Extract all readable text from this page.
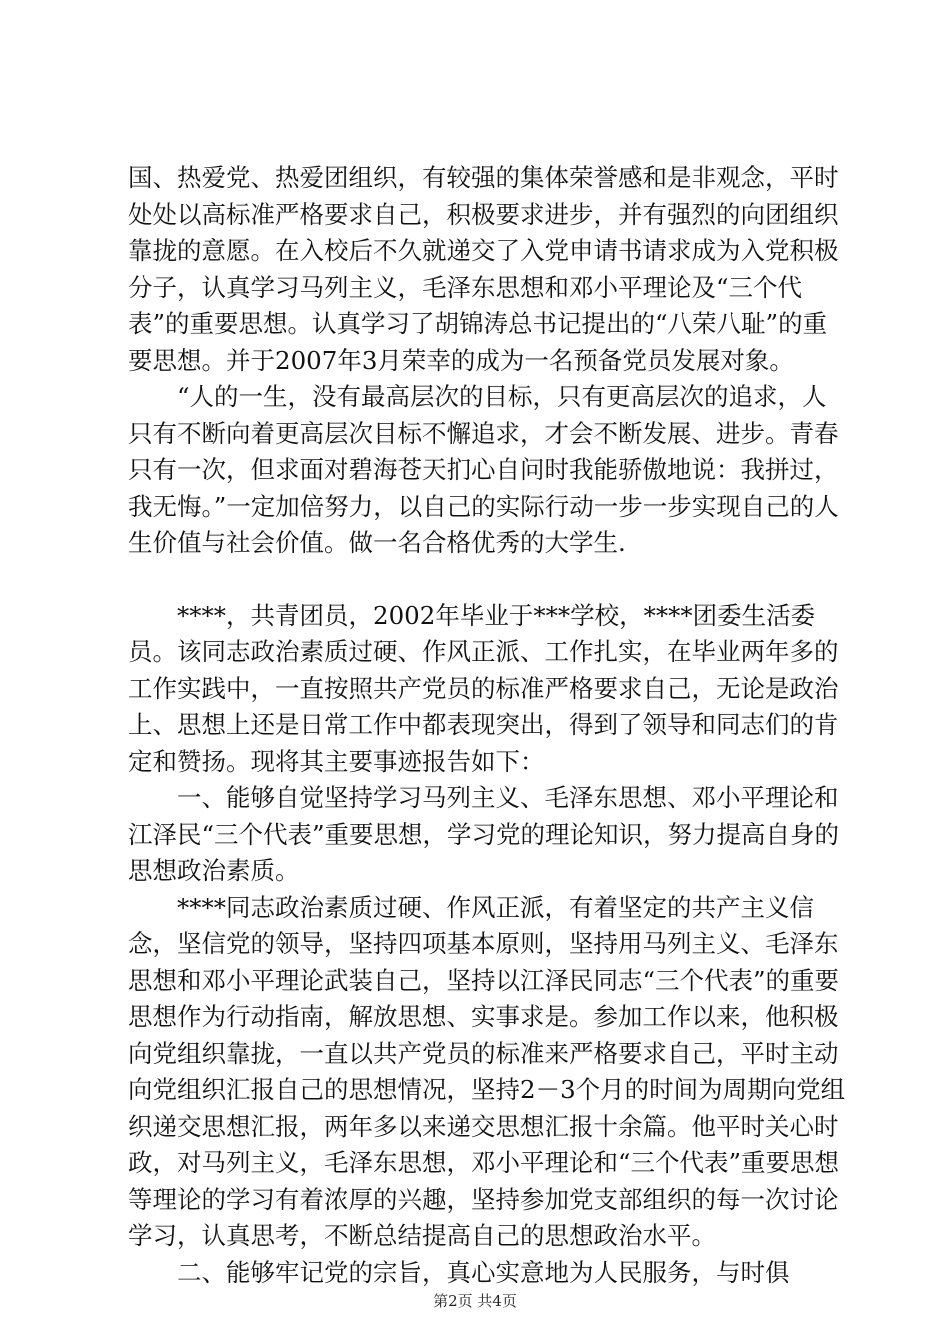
国、热爱党、热爱团组织，有较强的集体荣誉感和是非观念，平时处处以高标准严格要求自己，积极要求进步，并有强烈的向团组织靠拢的意愿。在入校后不久就递交了入党申请书请求成为入党积极分子，认真学习马列主义，毛泽东思想和邓小平理论及“三个代表”的重要思想。认真学习了胡锦涛总书记提出的“八荣八耻”的重要思想。并于2007年3月荣幸的成为一名预备党员发展对象。

　　“人的一生，没有最高层次的目标，只有更高层次的追求，人只有不断向着更高层次目标不懈追求，才会不断发展、进步。青春只有一次，但求面对碧海苍天扪心自问时我能骄傲地说：我拼过，我无悔。”一定加倍努力，以自己的实际行动一步一步实现自己的人生价值与社会价值。做一名合格优秀的大学生.

　　****，共青团员，2002年毕业于***学校，****团委生活委员。该同志政治素质过硬、作风正派、工作扎实，在毕业两年多的工作实践中，一直按照共产党员的标准严格要求自己，无论是政治上、思想上还是日常工作中都表现突出，得到了领导和同志们的肯定和赞扬。现将其主要事迹报告如下：

　　一、能够自觉坚持学习马列主义、毛泽东思想、邓小平理论和江泽民“三个代表”重要思想，学习党的理论知识，努力提高自身的思想政治素质。

　　****同志政治素质过硬、作风正派，有着坚定的共产主义信念，坚信党的领导，坚持四项基本原则，坚持用马列主义、毛泽东思想和邓小平理论武装自己，坚持以江泽民同志“三个代表”的重要思想作为行动指南，解放思想、实事求是。参加工作以来，他积极向党组织靠拢，一直以共产党员的标准来严格要求自己，平时主动向党组织汇报自己的思想情况，坚持2－3个月的时间为周期向党组织递交思想汇报，两年多以来递交思想汇报十余篇。他平时关心时政，对马列主义，毛泽东思想，邓小平理论和“三个代表”重要思想等理论的学习有着浓厚的兴趣，坚持参加党支部组织的每一次讨论学习，认真思考，不断总结提高自己的思想政治水平。

　　二、能够牢记党的宗旨，真心实意地为人民服务，与时俱

第2页 共4页
